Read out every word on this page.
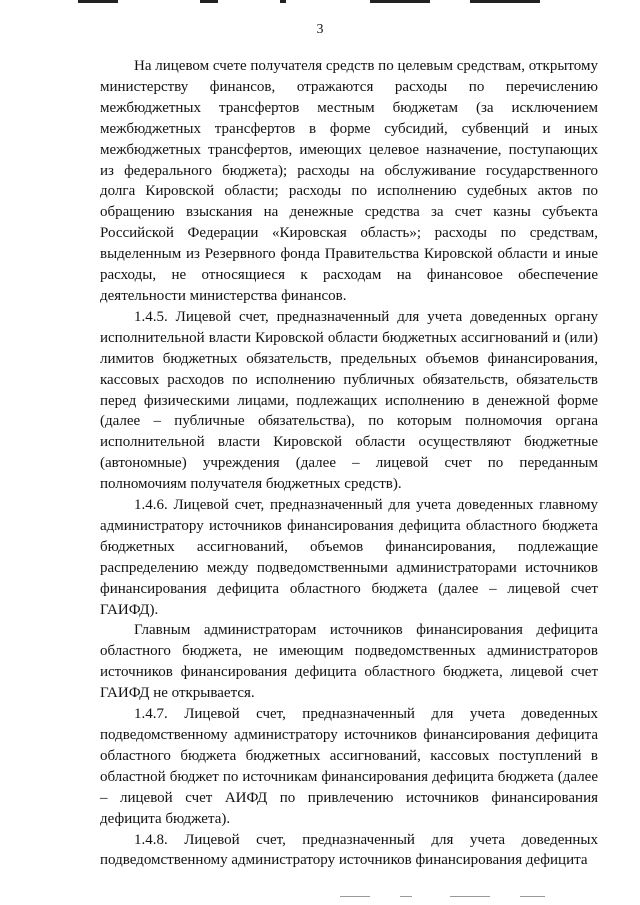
3

На лицевом счете получателя средств по целевым средствам, открытому министерству финансов, отражаются расходы по перечислению межбюджетных трансфертов местным бюджетам (за исключением межбюджетных трансфертов в форме субсидий, субвенций и иных межбюджетных трансфертов, имеющих целевое назначение, поступающих из федерального бюджета); расходы на обслуживание государственного долга Кировской области; расходы по исполнению судебных актов по обращению взыскания на денежные средства за счет казны субъекта Российской Федерации «Кировская область»; расходы по средствам, выделенным из Резервного фонда Правительства Кировской области и иные расходы, не относящиеся к расходам на финансовое обеспечение деятельности министерства финансов.

1.4.5. Лицевой счет, предназначенный для учета доведенных органу исполнительной власти Кировской области бюджетных ассигнований и (или) лимитов бюджетных обязательств, предельных объемов финансирования, кассовых расходов по исполнению публичных обязательств, обязательств перед физическими лицами, подлежащих исполнению в денежной форме (далее – публичные обязательства), по которым полномочия органа исполнительной власти Кировской области осуществляют бюджетные (автономные) учреждения (далее – лицевой счет по переданным полномочиям получателя бюджетных средств).

1.4.6. Лицевой счет, предназначенный для учета доведенных главному администратору источников финансирования дефицита областного бюджета бюджетных ассигнований, объемов финансирования, подлежащие распределению между подведомственными администраторами источников финансирования дефицита областного бюджета (далее – лицевой счет ГАИФД).

Главным администраторам источников финансирования дефицита областного бюджета, не имеющим подведомственных администраторов источников финансирования дефицита областного бюджета, лицевой счет ГАИФД не открывается.

1.4.7. Лицевой счет, предназначенный для учета доведенных подведомственному администратору источников финансирования дефицита областного бюджета бюджетных ассигнований, кассовых поступлений в областной бюджет по источникам финансирования дефицита бюджета (далее – лицевой счет АИФД по привлечению источников финансирования дефицита бюджета).

1.4.8. Лицевой счет, предназначенный для учета доведенных подведомственному администратору источников финансирования дефицита
